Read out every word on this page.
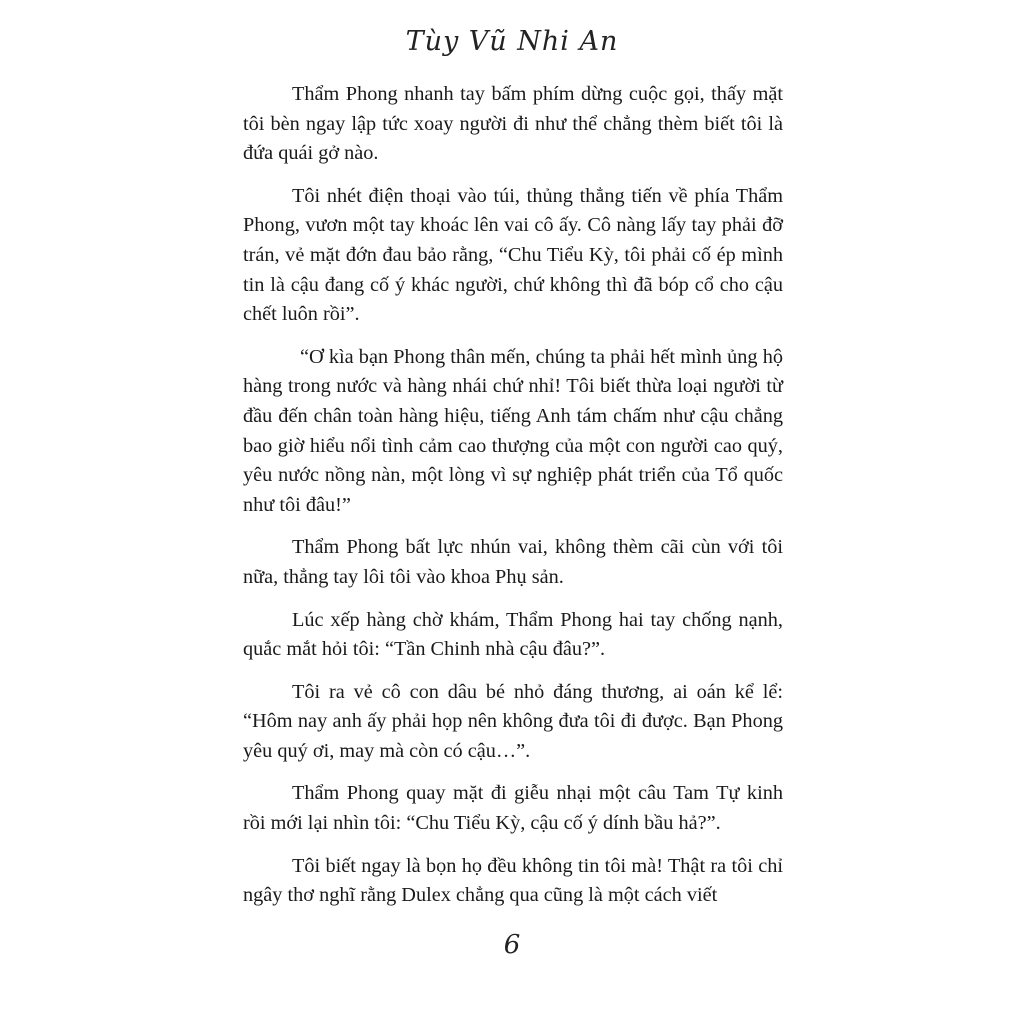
Tùy Vũ Nhi An

Thẩm Phong nhanh tay bấm phím dừng cuộc gọi, thấy mặt tôi bèn ngay lập tức xoay người đi như thể chẳng thèm biết tôi là đứa quái gở nào.

Tôi nhét điện thoại vào túi, thủng thẳng tiến về phía Thẩm Phong, vươn một tay khoác lên vai cô ấy. Cô nàng lấy tay phải đỡ trán, vẻ mặt đớn đau bảo rằng, “Chu Tiểu Kỳ, tôi phải cố ép mình tin là cậu đang cố ý khác người, chứ không thì đã bóp cổ cho cậu chết luôn rồi”.

“Ơ kìa bạn Phong thân mến, chúng ta phải hết mình ủng hộ hàng trong nước và hàng nhái chứ nhỉ! Tôi biết thừa loại người từ đầu đến chân toàn hàng hiệu, tiếng Anh tám chấm như cậu chẳng bao giờ hiểu nổi tình cảm cao thượng của một con người cao quý, yêu nước nồng nàn, một lòng vì sự nghiệp phát triển của Tổ quốc như tôi đâu!”

Thẩm Phong bất lực nhún vai, không thèm cãi cùn với tôi nữa, thẳng tay lôi tôi vào khoa Phụ sản.

Lúc xếp hàng chờ khám, Thẩm Phong hai tay chống nạnh, quắc mắt hỏi tôi: “Tần Chinh nhà cậu đâu?”.

Tôi ra vẻ cô con dâu bé nhỏ đáng thương, ai oán kể lể: “Hôm nay anh ấy phải họp nên không đưa tôi đi được. Bạn Phong yêu quý ơi, may mà còn có cậu…”.

Thẩm Phong quay mặt đi giễu nhại một câu Tam Tự kinh rồi mới lại nhìn tôi: “Chu Tiểu Kỳ, cậu cố ý dính bầu hả?”.

Tôi biết ngay là bọn họ đều không tin tôi mà! Thật ra tôi chỉ ngây thơ nghĩ rằng Dulex chẳng qua cũng là một cách viết

6
